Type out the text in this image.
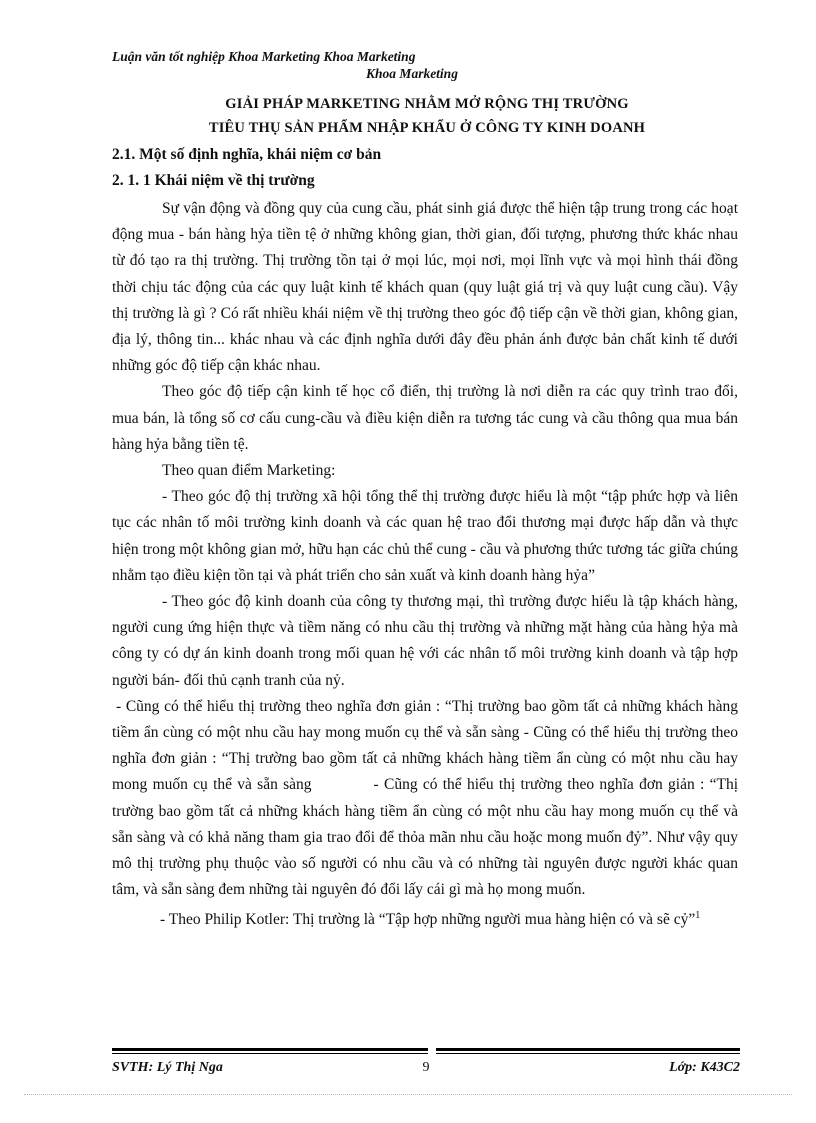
Luận văn tốt nghiệp Khoa Marketing Khoa Marketing
Khoa Marketing
GIẢI PHÁP MARKETING NHẰM MỞ RỘNG THỊ TRƯỜNG
TIÊU THỤ SẢN PHẨM NHẬP KHẨU Ở CÔNG TY KINH DOANH
2.1. Một số định nghĩa, khái niệm cơ bản
2. 1. 1 Khái niệm về thị trường

Sự vận động và đồng quy của cung cầu, phát sinh giá được thể hiện tập trung trong các hoạt động mua - bán hàng hỷa tiền tệ ở những không gian, thời gian, đối tượng, phương thức khác nhau từ đó tạo ra thị trường. Thị trường tồn tại ở mọi lúc, mọi nơi, mọi lĩnh vực và mọi hình thái đồng thời chịu tác động của các quy luật kinh tế khách quan (quy luật giá trị và quy luật cung cầu). Vậy thị trường là gì ? Có rất nhiều khái niệm về thị trường theo góc độ tiếp cận về thời gian, không gian, địa lý, thông tin... khác nhau và các định nghĩa dưới đây đều phản ánh được bản chất kinh tế dưới những góc độ tiếp cận khác nhau.

Theo góc độ tiếp cận kinh tế học cổ điển, thị trường là nơi diễn ra các quy trình trao đổi, mua bán, là tổng số cơ cấu cung-cầu và điều kiện diễn ra tương tác cung và cầu thông qua mua bán hàng hỷa bằng tiền tệ.

Theo quan điểm Marketing:

- Theo góc độ thị trường xã hội tổng thể thị trường được hiểu là một “tập phức hợp và liên tục các nhân tố môi trường kinh doanh và các quan hệ trao đổi thương mại được hấp dẫn và thực hiện trong một không gian mở, hữu hạn các chủ thể cung - cầu và phương thức tương tác giữa chúng nhằm tạo điều kiện tồn tại và phát triển cho sản xuất và kinh doanh hàng hỷa”

- Theo góc độ kinh doanh của công ty thương mại, thì trường được hiểu là tập khách hàng, người cung ứng hiện thực và tiềm năng có nhu cầu thị trường và những mặt hàng của hàng hỷa mà công ty có dự án kinh doanh trong mối quan hệ với các nhân tố môi trường kinh doanh và tập hợp người bán- đối thủ cạnh tranh của nỷ.

- Cũng có thể hiểu thị trường theo nghĩa đơn giản : “Thị trường bao gồm tất cả những khách hàng tiềm ẩn cùng có một nhu cầu hay mong muốn cụ thể và sẵn sàng - Cũng có thể hiểu thị trường theo nghĩa đơn giản : “Thị trường bao gồm tất cả những khách hàng tiềm ẩn cùng có một nhu cầu hay mong muốn cụ thể và sẵn sàng	- Cũng có thể hiểu thị trường theo nghĩa đơn giản : “Thị trường bao gồm tất cả những khách hàng tiềm ẩn cùng có một nhu cầu hay mong muốn cụ thể và sẵn sàng và có khả năng tham gia trao đổi để thỏa mãn nhu cầu hoặc mong muốn đỷ”. Như vậy quy mô thị trường phụ thuộc vào số người có nhu cầu và có những tài nguyên được người khác quan tâm, và sẵn sàng đem những tài nguyên đó đổi lấy cái gì mà họ mong muốn.

- Theo Philip Kotler: Thị trường là “Tập hợp những người mua hàng hiện có và sẽ cỷ”$^1$

SVTH: Lý Thị Nga	9	Lớp: K43C2
